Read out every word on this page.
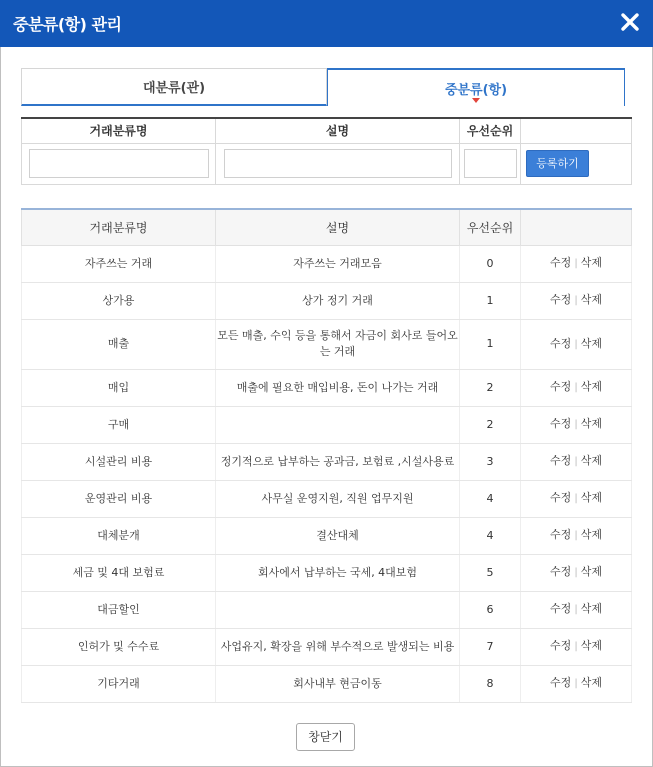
중분류(항) 관리
대분류(관)	중분류(항)
거래분류명	설명	우선순위	
			등록하기
거래분류명	설명	우선순위	
자주쓰는 거래	자주쓰는 거래모음	0	수정 | 삭제
상가용	상가 정기 거래	1	수정 | 삭제
매출	모든 매출, 수익 등을 통해서 자금이 회사로 들어오는 거래	1	수정 | 삭제
매입	매출에 필요한 매입비용, 돈이 나가는 거래	2	수정 | 삭제
구매		2	수정 | 삭제
시설관리 비용	정기적으로 납부하는 공과금, 보험료 ,시설사용료	3	수정 | 삭제
운영관리 비용	사무실 운영지원, 직원 업무지원	4	수정 | 삭제
대체분개	결산대체	4	수정 | 삭제
세금 및 4대 보험료	회사에서 납부하는 국세, 4대보험	5	수정 | 삭제
대금할인		6	수정 | 삭제
인허가 및 수수료	사업유지, 확장을 위해 부수적으로 발생되는 비용	7	수정 | 삭제
기타거래	회사내부 현금이동	8	수정 | 삭제
창닫기
